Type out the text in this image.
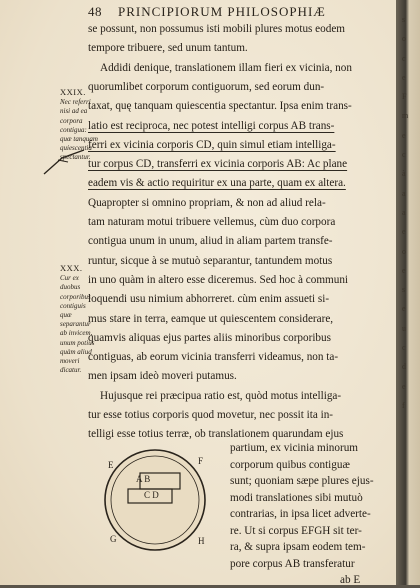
s
o
c
e
F
m
e
c
à
a
a
e
o
e
s
e
u
c
d
e
f
48 PRINCIPIORUM PHILOSOPHIÆ
se possunt, non possumus isti mobili plures motus eodem
tempore tribuere, sed unum tantum.
Addidi denique, translationem illam fieri ex vicinia, non
quorumlibet corporum contiguorum, sed eorum dun-
taxat, quę tanquam quiescentia spectantur. Ipsa enim trans-
latio est reciproca, nec potest intelligi corpus AB trans-
ferri ex vicinia corporis CD, quin simul etiam intelliga-
tur corpus CD, transferri ex vicinia corporis AB: Ac plane
eadem vis & actio requiritur ex una parte, quam ex altera.
Quapropter si omnino propriam, & non ad aliud rela-
tam naturam motui tribuere vellemus, cùm duo corpora
contigua unum in unum, aliud in aliam partem transfe-
runtur, sicque à se mutuò separantur, tantundem motus
in uno quàm in altero esse diceremus. Sed hoc à communi
loquendi usu nimium abhorreret. cùm enim assueti si-
mus stare in terra, eamque ut quiescentem considerare,
quamvis aliquas ejus partes aliis minoribus corporibus
contiguas, ab eorum vicinia transferri videamus, non ta-
men ipsam ideò moveri putamus.
Hujusque rei præcipua ratio est, quòd motus intelliga-
tur esse totius corporis quod movetur, nec possit ita in-
telligi esse totius terræ, ob translationem quarundam ejus
partium, ex vicinia minorum
corporum quibus contiguæ
sunt; quoniam sæpe plures ejus-
modi translationes sibi mutuò
contrarias, in ipsa licet adverte-
re. Ut si corpus EFGH sit ter-
ra, & supra ipsam eodem tem-
pore corpus AB transferatur
ab E
XXIX.
Nec referri nisi ad ea corpora contigua: quæ tanquam quiescentia spectantur.
XXX.
Cur ex duobus corporibus contiguis quæ separantur ab invicem, unum potius quàm aliud moveri dicatur.
A B
C D
E	F
G	H
